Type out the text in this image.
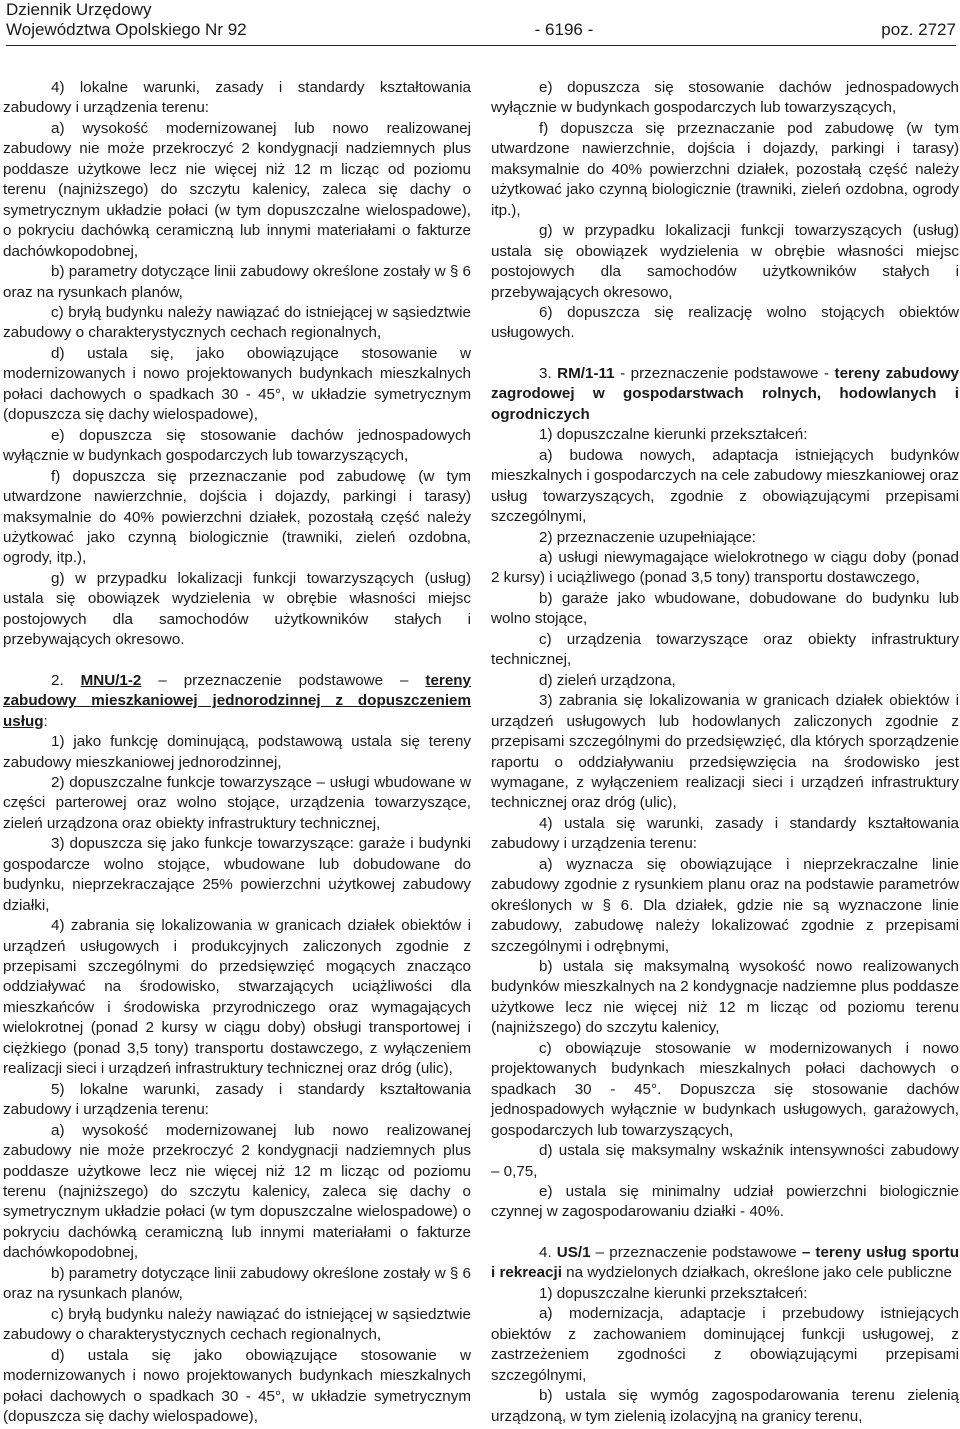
Dziennik Urzędowy
Województwa Opolskiego Nr 92	- 6196 -	poz. 2727

4) lokalne warunki, zasady i standardy kształtowania zabudowy i urządzenia terenu:

a) wysokość modernizowanej lub nowo realizowanej zabudowy nie może przekroczyć 2 kondygnacji nadziemnych plus poddasze użytkowe lecz nie więcej niż 12 m licząc od poziomu terenu (najniższego) do szczytu kalenicy, zaleca się dachy o symetrycznym układzie połaci (w tym dopuszczalne wielospadowe), o pokryciu dachówką ceramiczną lub innymi materiałami o fakturze dachówkopodobnej,

b) parametry dotyczące linii zabudowy określone zostały w § 6 oraz na rysunkach planów,

c) bryłą budynku należy nawiązać do istniejącej w sąsiedztwie zabudowy o charakterystycznych cechach regionalnych,

d) ustala się, jako obowiązujące stosowanie w modernizowanych i nowo projektowanych budynkach mieszkalnych połaci dachowych o spadkach 30 - 45°, w układzie symetrycznym (dopuszcza się dachy wielospadowe),

e) dopuszcza się stosowanie dachów jednospadowych wyłącznie w budynkach gospodarczych lub towarzyszących,

f) dopuszcza się przeznaczanie pod zabudowę (w tym utwardzone nawierzchnie, dojścia i dojazdy, parkingi i tarasy) maksymalnie do 40% powierzchni działek, pozostałą część należy użytkować jako czynną biologicznie (trawniki, zieleń ozdobna, ogrody, itp.),

g) w przypadku lokalizacji funkcji towarzyszących (usług) ustala się obowiązek wydzielenia w obrębie własności miejsc postojowych dla samochodów użytkowników stałych i przebywających okresowo.

2. MNU/1-2 – przeznaczenie podstawowe – tereny zabudowy mieszkaniowej jednorodzinnej z dopuszczeniem usług:

1) jako funkcję dominującą, podstawową ustala się tereny zabudowy mieszkaniowej jednorodzinnej,

2) dopuszczalne funkcje towarzyszące – usługi wbudowane w części parterowej oraz wolno stojące, urządzenia towarzyszące, zieleń urządzona oraz obiekty infrastruktury technicznej,

3) dopuszcza się jako funkcje towarzyszące: garaże i budynki gospodarcze wolno stojące, wbudowane lub dobudowane do budynku, nieprzekraczające 25% powierzchni użytkowej zabudowy działki,

4) zabrania się lokalizowania w granicach działek obiektów i urządzeń usługowych i produkcyjnych zaliczonych zgodnie z przepisami szczególnymi do przedsięwzięć mogących znacząco oddziaływać na środowisko, stwarzających uciążliwości dla mieszkańców i środowiska przyrodniczego oraz wymagających wielokrotnej (ponad 2 kursy w ciągu doby) obsługi transportowej i ciężkiego (ponad 3,5 tony) transportu dostawczego, z wyłączeniem realizacji sieci i urządzeń infrastruktury technicznej oraz dróg (ulic),

5) lokalne warunki, zasady i standardy kształtowania zabudowy i urządzenia terenu:

a) wysokość modernizowanej lub nowo realizowanej zabudowy nie może przekroczyć 2 kondygnacji nadziemnych plus poddasze użytkowe lecz nie więcej niż 12 m licząc od poziomu terenu (najniższego) do szczytu kalenicy, zaleca się dachy o symetrycznym układzie połaci (w tym dopuszczalne wielospadowe) o pokryciu dachówką ceramiczną lub innymi materiałami o fakturze dachówkopodobnej,

b) parametry dotyczące linii zabudowy określone zostały w § 6 oraz na rysunkach planów,

c) bryłą budynku należy nawiązać do istniejącej w sąsiedztwie zabudowy o charakterystycznych cechach regionalnych,

d) ustala się jako obowiązujące stosowanie w modernizowanych i nowo projektowanych budynkach mieszkalnych połaci dachowych o spadkach 30 - 45°, w układzie symetrycznym (dopuszcza się dachy wielospadowe),

e) dopuszcza się stosowanie dachów jednospadowych wyłącznie w budynkach gospodarczych lub towarzyszących,

f) dopuszcza się przeznaczanie pod zabudowę (w tym utwardzone nawierzchnie, dojścia i dojazdy, parkingi i tarasy) maksymalnie do 40% powierzchni działek, pozostałą część należy użytkować jako czynną biologicznie (trawniki, zieleń ozdobna, ogrody itp.),

g) w przypadku lokalizacji funkcji towarzyszących (usług) ustala się obowiązek wydzielenia w obrębie własności miejsc postojowych dla samochodów użytkowników stałych i przebywających okresowo,

6) dopuszcza się realizację wolno stojących obiektów usługowych.

3. RM/1-11 - przeznaczenie podstawowe - tereny zabudowy zagrodowej w gospodarstwach rolnych, hodowlanych i ogrodniczych

1) dopuszczalne kierunki przekształceń:

a) budowa nowych, adaptacja istniejących budynków mieszkalnych i gospodarczych na cele zabudowy mieszkaniowej oraz usług towarzyszących, zgodnie z obowiązującymi przepisami szczególnymi,

2) przeznaczenie uzupełniające:

a) usługi niewymagające wielokrotnego w ciągu doby (ponad 2 kursy) i uciążliwego (ponad 3,5 tony) transportu dostawczego,

b) garaże jako wbudowane, dobudowane do budynku lub wolno stojące,

c) urządzenia towarzyszące oraz obiekty infrastruktury technicznej,

d) zieleń urządzona,

3) zabrania się lokalizowania w granicach działek obiektów i urządzeń usługowych lub hodowlanych zaliczonych zgodnie z przepisami szczególnymi do przedsięwzięć, dla których sporządzenie raportu o oddziaływaniu przedsięwzięcia na środowisko jest wymagane, z wyłączeniem realizacji sieci i urządzeń infrastruktury technicznej oraz dróg (ulic),

4) ustala się warunki, zasady i standardy kształtowania zabudowy i urządzenia terenu:

a) wyznacza się obowiązujące i nieprzekraczalne linie zabudowy zgodnie z rysunkiem planu oraz na podstawie parametrów określonych w § 6. Dla działek, gdzie nie są wyznaczone linie zabudowy, zabudowę należy lokalizować zgodnie z przepisami szczególnymi i odrębnymi,

b) ustala się maksymalną wysokość nowo realizowanych budynków mieszkalnych na 2 kondygnacje nadziemne plus poddasze użytkowe lecz nie więcej niż 12 m licząc od poziomu terenu (najniższego) do szczytu kalenicy,

c) obowiązuje stosowanie w modernizowanych i nowo projektowanych budynkach mieszkalnych połaci dachowych o spadkach 30 - 45°. Dopuszcza się stosowanie dachów jednospadowych wyłącznie w budynkach usługowych, garażowych, gospodarczych lub towarzyszących,

d) ustala się maksymalny wskaźnik intensywności zabudowy – 0,75,

e) ustala się minimalny udział powierzchni biologicznie czynnej w zagospodarowaniu działki - 40%.

4. US/1 – przeznaczenie podstawowe – tereny usług sportu i rekreacji na wydzielonych działkach, określone jako cele publiczne

1) dopuszczalne kierunki przekształceń:

a) modernizacja, adaptacje i przebudowy istniejących obiektów z zachowaniem dominującej funkcji usługowej, z zastrzeżeniem zgodności z obowiązującymi przepisami szczególnymi,

b) ustala się wymóg zagospodarowania terenu zielenią urządzoną, w tym zielenią izolacyjną na granicy terenu,
